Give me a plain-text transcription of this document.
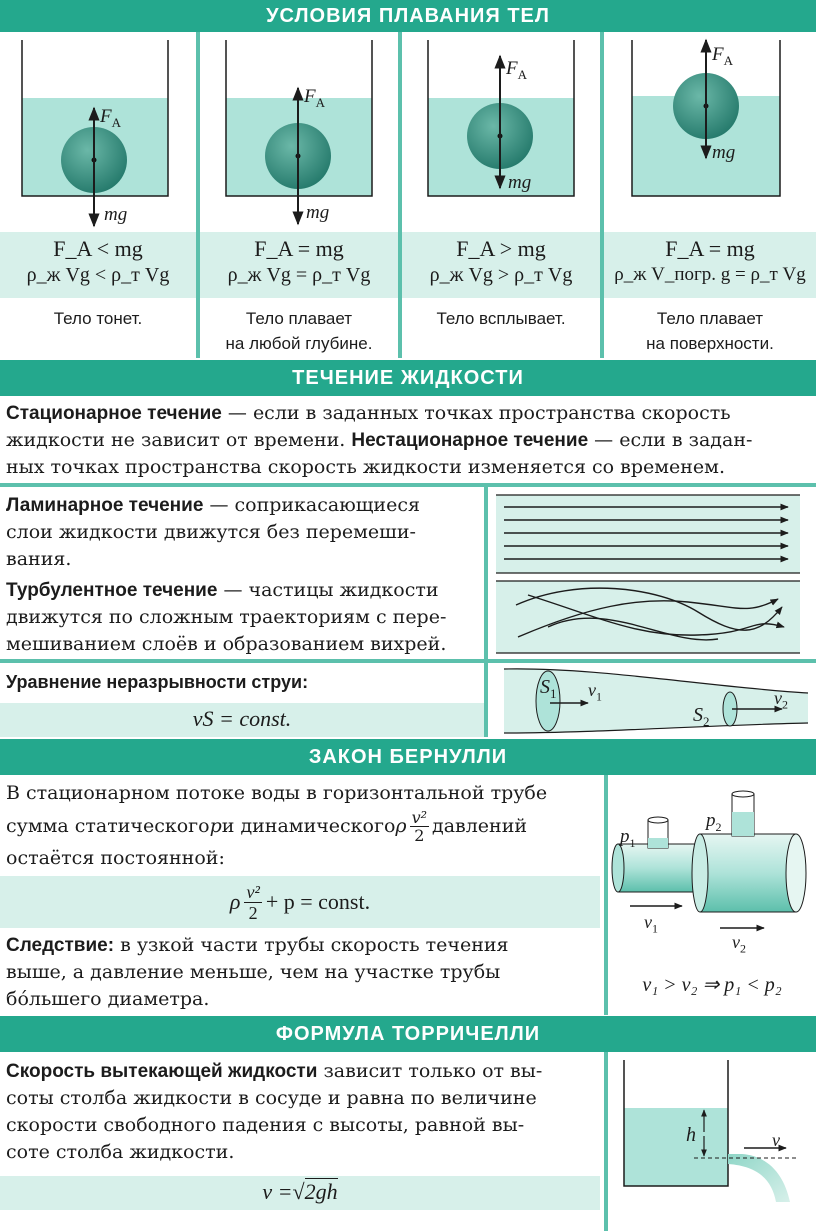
УСЛОВИЯ ПЛАВАНИЯ ТЕЛ
$F_A$
mg
$F_A$
mg
$F_A$
mg
$F_A$
mg
F_A < mg
ρ_ж Vg < ρ_т Vg
F_A = mg
ρ_ж Vg = ρ_т Vg
F_A > mg
ρ_ж Vg > ρ_т Vg
F_A = mg
ρ_ж V_погр. g = ρ_т Vg
Тело тонет.	Тело плавает
на любой глубине.
Тело всплывает.	Тело плавает
на поверхности.
ТЕЧЕНИЕ ЖИДКОСТИ
Стационарное течение — если в заданных точках пространства скорость
жидкости не зависит от времени. Нестационарное течение — если в задан-
ных точках пространства скорость жидкости изменяется со временем.
Ламинарное течение — соприкасающиеся
слои жидкости движутся без перемеши-
вания.
Турбулентное течение — частицы жидкости
движутся по сложным траекториям с пере-
мешиванием слоёв и образованием вихрей.
Уравнение неразрывности струи:
vS = const.
$S_1$ $v_1$
$S_2$
$v_2$
ЗАКОН БЕРНУЛЛИ
В стационарном потоке воды в горизонтальной трубе
сумма статического p и динамического ρ v²
2 давлений
остаётся постоянной:
ρ v²
2 + p = const.
Следствие: в узкой части трубы скорость течения
выше, а давление меньше, чем на участке трубы
бóльшего диаметра.
$p_1$
$p_2$
$v_1$
$v_2$
v₁ > v₂ ⇒ p₁ < p₂
ФОРМУЛА ТОРРИЧЕЛЛИ
Скорость вытекающей жидкости зависит только от вы-
соты столба жидкости в сосуде и равна по величине
скорости свободного падения с высоты, равной вы-
соте столба жидкости.
v =√2gh
h	v
